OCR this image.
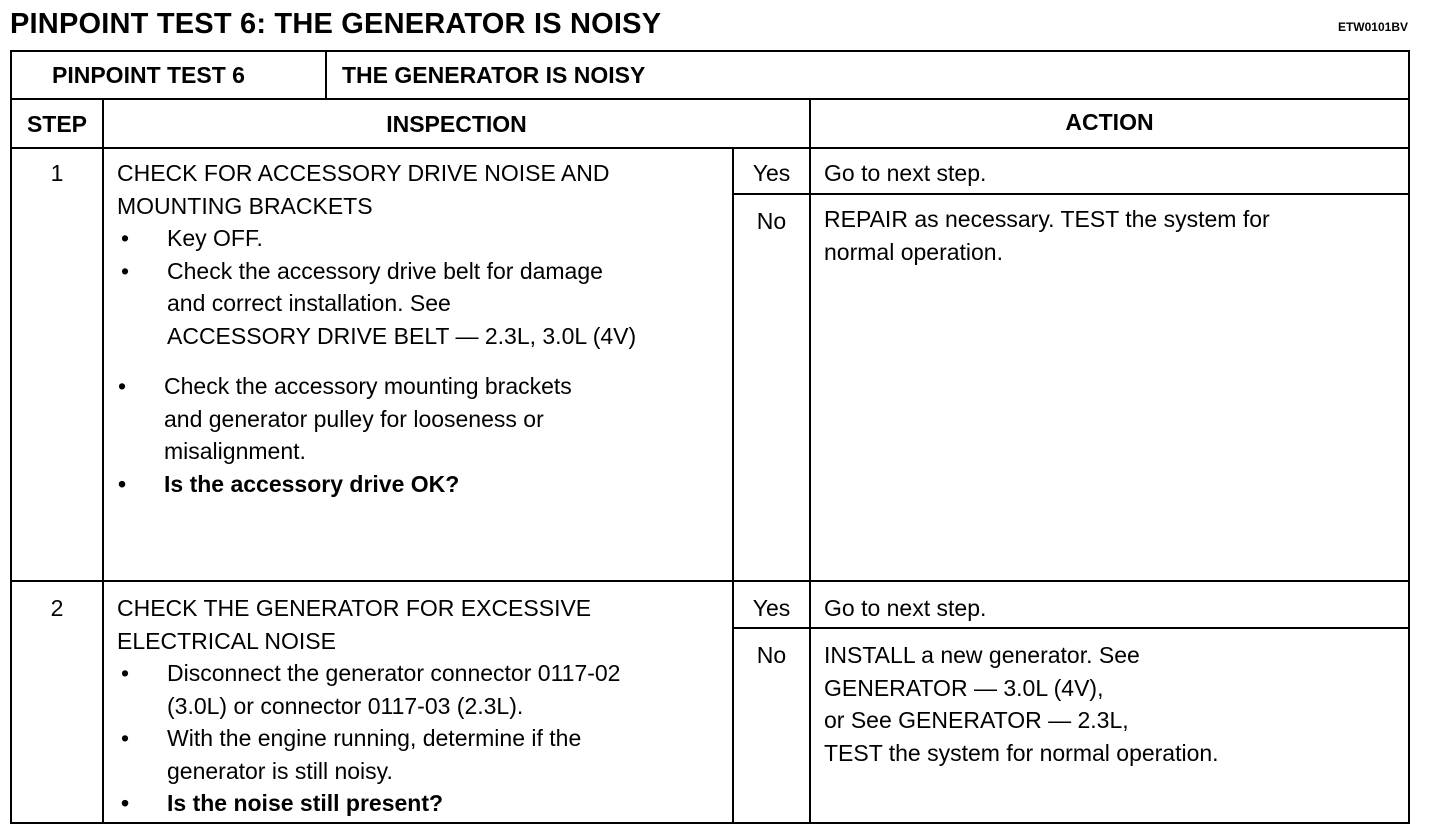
PINPOINT TEST 6: THE GENERATOR IS NOISY	ETW0101BV
PINPOINT TEST 6	THE GENERATOR IS NOISY
STEP	INSPECTION	ACTION
1	CHECK FOR ACCESSORY DRIVE NOISE AND
MOUNTING BRACKETS
• Key OFF.
• Check the accessory drive belt for damage
and correct installation. See
ACCESSORY DRIVE BELT — 2.3L, 3.0L (4V)
• Check the accessory mounting brackets
and generator pulley for looseness or
misalignment.
• Is the accessory drive OK?
Yes	Go to next step.
No	REPAIR as necessary. TEST the system for
normal operation.
2	CHECK THE GENERATOR FOR EXCESSIVE
ELECTRICAL NOISE
• Disconnect the generator connector 0117-02
(3.0L) or connector 0117-03 (2.3L).
• With the engine running, determine if the
generator is still noisy.
• Is the noise still present?
Yes	Go to next step.
No	INSTALL a new generator. See
GENERATOR — 3.0L (4V),
or See GENERATOR — 2.3L,
TEST the system for normal operation.
